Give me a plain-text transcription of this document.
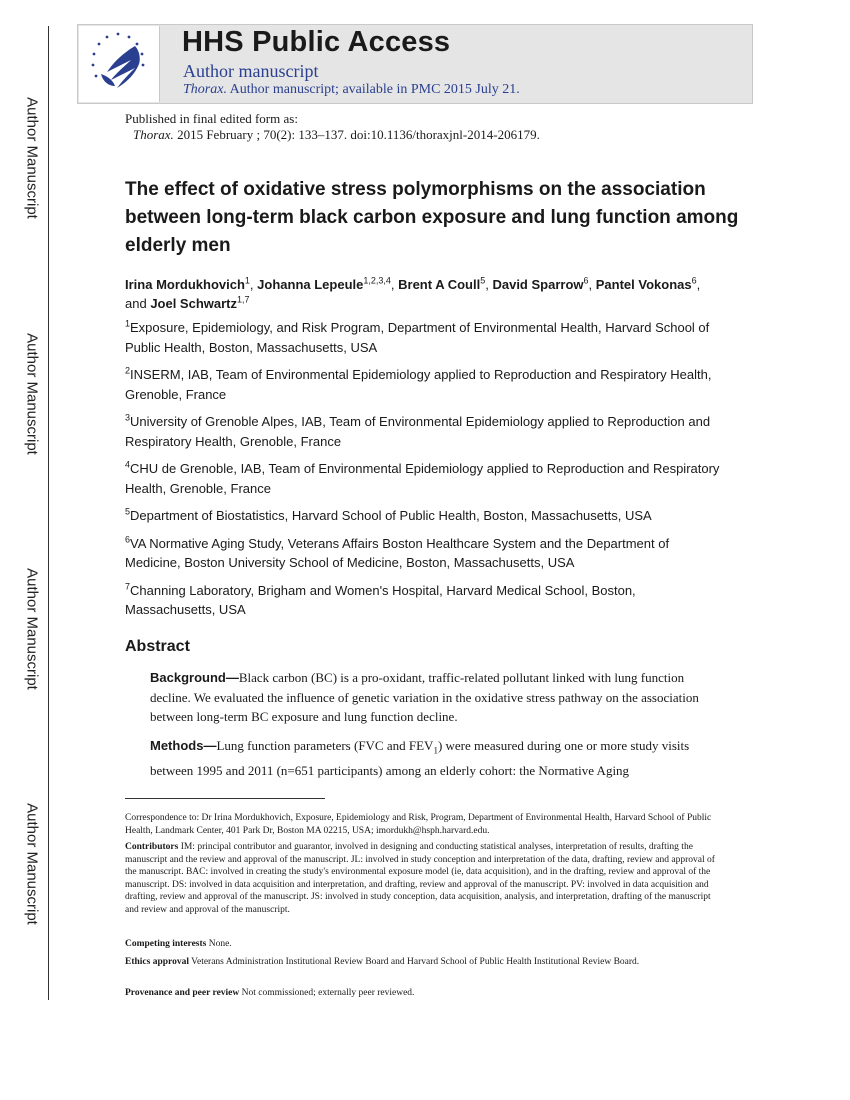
Author Manuscript
Author Manuscript
Author Manuscript
Author Manuscript
HHS Public Access
Author manuscript
Thorax. Author manuscript; available in PMC 2015 July 21.
Published in final edited form as:
Thorax. 2015 February ; 70(2): 133–137. doi:10.1136/thoraxjnl-2014-206179.
The effect of oxidative stress polymorphisms on the association between long-term black carbon exposure and lung function among elderly men
Irina Mordukhovich$^1$, Johanna Lepeule$^{1,2,3,4}$, Brent A Coull$^5$, David Sparrow$^6$, Pantel Vokonas$^6$, and Joel Schwartz$^{1,7}$
$^1$Exposure, Epidemiology, and Risk Program, Department of Environmental Health, Harvard School of Public Health, Boston, Massachusetts, USA
$^2$INSERM, IAB, Team of Environmental Epidemiology applied to Reproduction and Respiratory Health, Grenoble, France
$^3$University of Grenoble Alpes, IAB, Team of Environmental Epidemiology applied to Reproduction and Respiratory Health, Grenoble, France
$^4$CHU de Grenoble, IAB, Team of Environmental Epidemiology applied to Reproduction and Respiratory Health, Grenoble, France
$^5$Department of Biostatistics, Harvard School of Public Health, Boston, Massachusetts, USA
$^6$VA Normative Aging Study, Veterans Affairs Boston Healthcare System and the Department of Medicine, Boston University School of Medicine, Boston, Massachusetts, USA
$^7$Channing Laboratory, Brigham and Women's Hospital, Harvard Medical School, Boston, Massachusetts, USA
Abstract
Background—Black carbon (BC) is a pro-oxidant, traffic-related pollutant linked with lung function decline. We evaluated the influence of genetic variation in the oxidative stress pathway on the association between long-term BC exposure and lung function decline.
Methods—Lung function parameters (FVC and $FEV_1$) were measured during one or more study visits between 1995 and 2011 (n=651 participants) among an elderly cohort: the Normative Aging
Correspondence to: Dr Irina Mordukhovich, Exposure, Epidemiology and Risk, Program, Department of Environmental Health, Harvard School of Public Health, Landmark Center, 401 Park Dr, Boston MA 02215, USA; imordukh@hsph.harvard.edu.
Contributors IM: principal contributor and guarantor, involved in designing and conducting statistical analyses, interpretation of results, drafting the manuscript and the review and approval of the manuscript. JL: involved in study conception and interpretation of the data, drafting, review and approval of the manuscript. BAC: involved in creating the study's environmental exposure model (ie, data acquisition), and in the drafting, review and approval of the manuscript. DS: involved in data acquisition and interpretation, and drafting, review and approval of the manuscript. PV: involved in data acquisition and drafting, review and approval of the manuscript. JS: involved in study conception, data acquisition, analysis, and interpretation, drafting of the manuscript and review and approval of the manuscript.
Competing interests None.
Ethics approval Veterans Administration Institutional Review Board and Harvard School of Public Health Institutional Review Board.
Provenance and peer review Not commissioned; externally peer reviewed.
